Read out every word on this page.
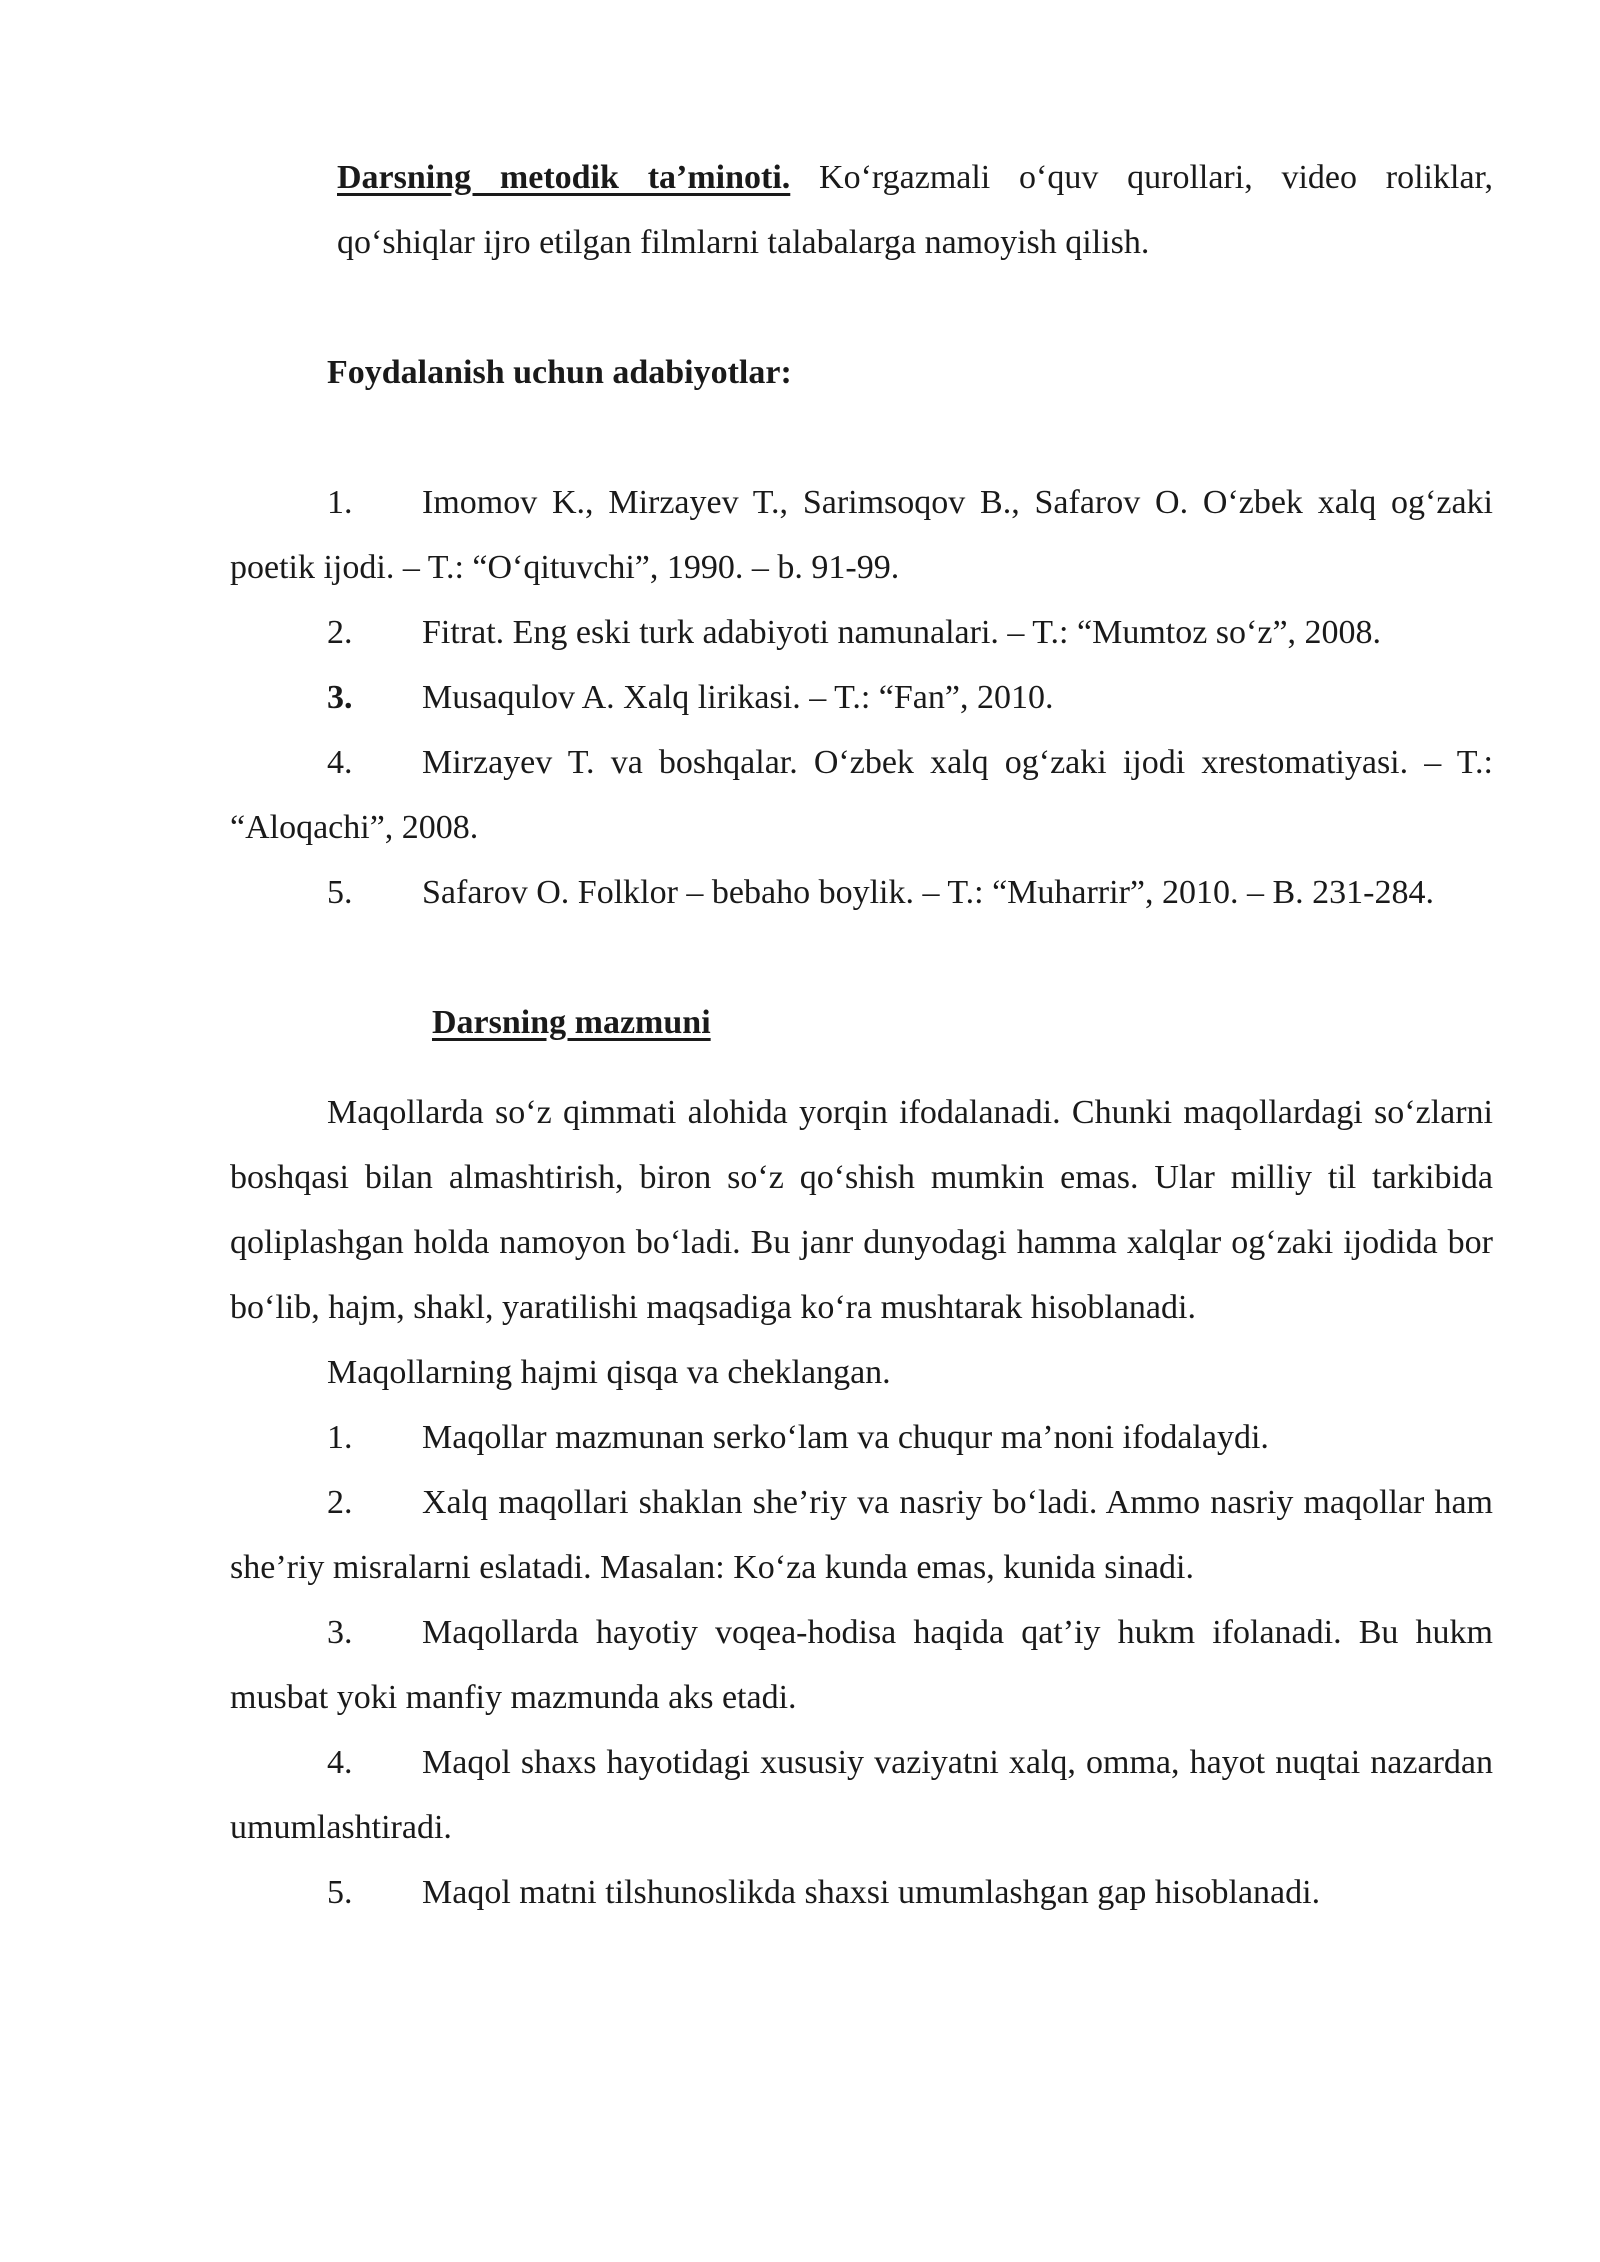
Darsning metodik ta’minoti. Ko‘rgazmali o‘quv qurollari, video roliklar, qo‘shiqlar ijro etilgan filmlarni talabalarga namoyish qilish.

Foydalanish uchun adabiyotlar:

1. Imomov K., Mirzayev T., Sarimsoqov B., Safarov O. O‘zbek xalq og‘zaki poetik ijodi. – T.: “O‘qituvchi”, 1990. – b. 91-99.

2. Fitrat. Eng eski turk adabiyoti namunalari. – T.: “Mumtoz so‘z”, 2008.

3. Musaqulov A. Xalq lirikasi. – T.: “Fan”, 2010.

4. Mirzayev T. va boshqalar. O‘zbek xalq og‘zaki ijodi xrestomatiyasi. – T.: “Aloqachi”, 2008.

5. Safarov O. Folklor – bebaho boylik. – T.: “Muharrir”, 2010. – B. 231-284.

Darsning mazmuni

Maqollarda so‘z qimmati alohida yorqin ifodalanadi. Chunki maqollardagi so‘zlarni boshqasi bilan almashtirish, biron so‘z qo‘shish mumkin emas. Ular milliy til tarkibida qoliplashgan holda namoyon bo‘ladi. Bu janr dunyodagi hamma xalqlar og‘zaki ijodida bor bo‘lib, hajm, shakl, yaratilishi maqsadiga ko‘ra mushtarak hisoblanadi.

Maqollarning hajmi qisqa va cheklangan.

1. Maqollar mazmunan serko‘lam va chuqur ma’noni ifodalaydi.

2. Xalq maqollari shaklan she’riy va nasriy bo‘ladi. Ammo nasriy maqollar ham she’riy misralarni eslatadi. Masalan: Ko‘za kunda emas, kunida sinadi.

3. Maqollarda hayotiy voqea-hodisa haqida qat’iy hukm ifolanadi. Bu hukm musbat yoki manfiy mazmunda aks etadi.

4. Maqol shaxs hayotidagi xususiy vaziyatni xalq, omma, hayot nuqtai nazardan umumlashtiradi.

5. Maqol matni tilshunoslikda shaxsi umumlashgan gap hisoblanadi.
